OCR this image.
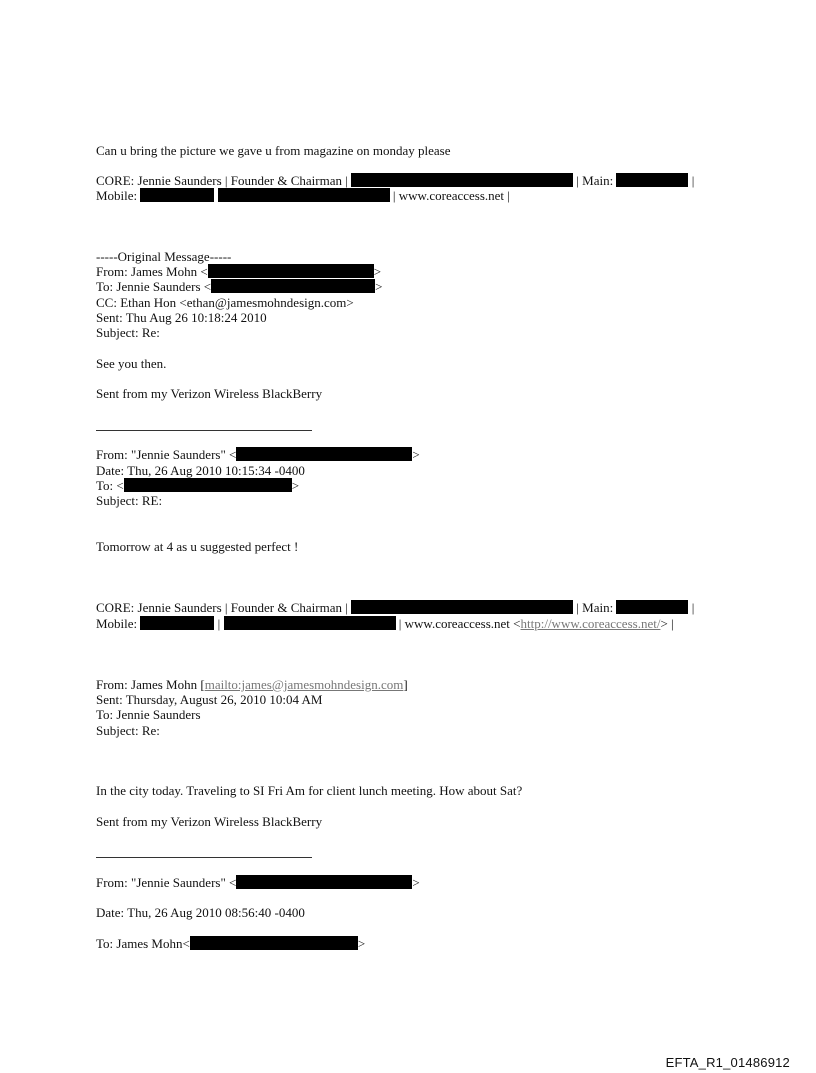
Can u bring the picture we gave u from magazine on monday please
CORE: Jennie Saunders | Founder & Chairman |	| Main:	|
Mobile:	| www.coreaccess.net |
-----Original Message-----
From: James Mohn <	>
To: Jennie Saunders <	>
CC: Ethan Hon <ethan@jamesmohndesign.com>
Sent: Thu Aug 26 10:18:24 2010
Subject: Re:
See you then.
Sent from my Verizon Wireless BlackBerry
From: "Jennie Saunders" <	>
Date: Thu, 26 Aug 2010 10:15:34 -0400
To: <	>
Subject: RE:
Tomorrow at 4 as u suggested perfect !
CORE: Jennie Saunders | Founder & Chairman |	| Main:	|
Mobile:	|	| www.coreaccess.net <http://www.coreaccess.net/> |
From: James Mohn [mailto:james@jamesmohndesign.com]
Sent: Thursday, August 26, 2010 10:04 AM
To: Jennie Saunders
Subject: Re:
In the city today. Traveling to SI Fri Am for client lunch meeting. How about Sat?
Sent from my Verizon Wireless BlackBerry
From: "Jennie Saunders" <	>
Date: Thu, 26 Aug 2010 08:56:40 -0400
To: James Mohn<	>
EFTA_R1_01486912
